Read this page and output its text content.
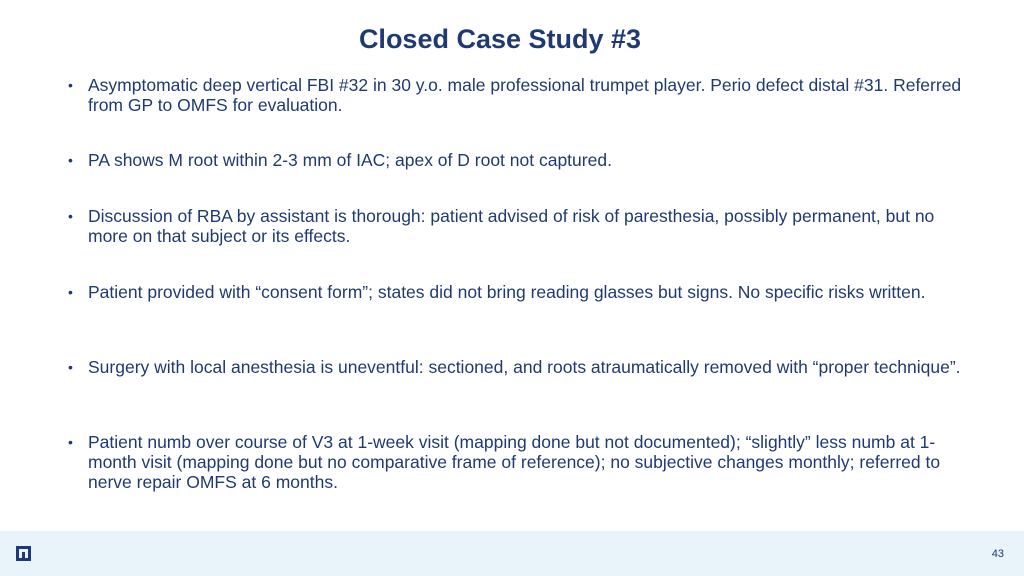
Closed Case Study #3
• Asymptomatic deep vertical FBI #32 in 30 y.o. male professional trumpet player. Perio defect distal #31. Referred from GP to OMFS for evaluation.
• PA shows M root within 2-3 mm of IAC; apex of D root not captured.
• Discussion of RBA by assistant is thorough: patient advised of risk of paresthesia, possibly permanent, but no more on that subject or its effects.
• Patient provided with “consent form”; states did not bring reading glasses but signs. No specific risks written.
• Surgery with local anesthesia is uneventful: sectioned, and roots atraumatically removed with “proper technique”.
• Patient numb over course of V3 at 1-week visit (mapping done but not documented); “slightly” less numb at 1-month visit (mapping done but no comparative frame of reference); no subjective changes monthly; referred to nerve repair OMFS at 6 months.
43
